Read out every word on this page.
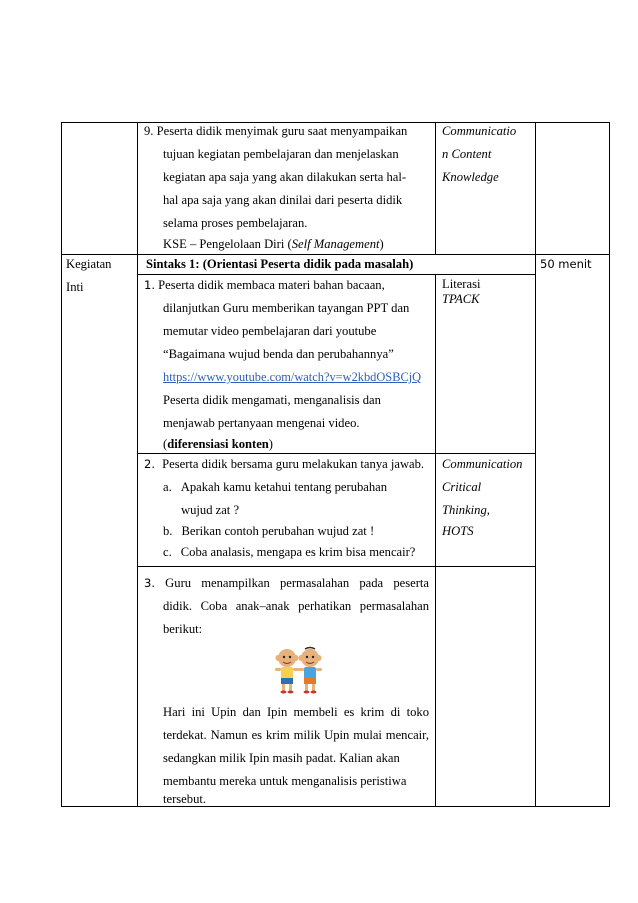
9. Peserta didik menyimak guru saat menyampaikan
tujuan kegiatan pembelajaran dan menjelaskan
kegiatan apa saja yang akan dilakukan serta hal-
hal apa saja yang akan dinilai dari peserta didik
selama proses pembelajaran.
KSE – Pengelolaan Diri (Self Management)
Communicatio
n Content
Knowledge
Kegiatan
Inti
Sintaks 1: (Orientasi Peserta didik pada masalah)	50 menit
1. Peserta didik membaca materi bahan bacaan,
dilanjutkan Guru memberikan tayangan PPT dan
memutar video pembelajaran dari youtube
“Bagaimana wujud benda dan perubahannya”
https://www.youtube.com/watch?v=w2kbdOSBCjQ
Peserta didik mengamati, menganalisis dan
menjawab pertanyaan mengenai video.
(diferensiasi konten)
Literasi
TPACK
2. Peserta didik bersama guru melakukan tanya jawab.
a. Apakah kamu ketahui tentang perubahan
wujud zat ?
b. Berikan contoh perubahan wujud zat !
c. Coba analasis, mengapa es krim bisa mencair?
Communication
Critical
Thinking,
HOTS
3. Guru menampilkan permasalahan pada peserta
didik. Coba anak–anak perhatikan permasalahan
berikut:
Hari ini Upin dan Ipin membeli es krim di toko
terdekat. Namun es krim milik Upin mulai mencair,
sedangkan milik Ipin masih padat. Kalian akan
membantu mereka untuk menganalisis peristiwa
tersebut.
